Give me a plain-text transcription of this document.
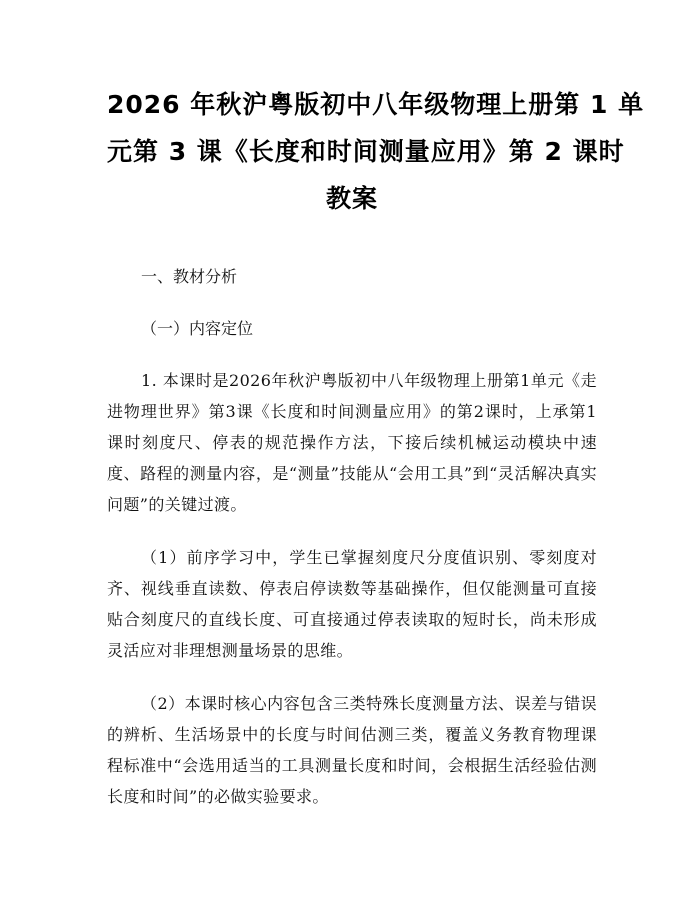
2026 年秋沪粤版初中八年级物理上册第 1 单
元第 3 课《长度和时间测量应用》第 2 课时
教案

一、教材分析

（一）内容定位

1. 本课时是2026年秋沪粤版初中八年级物理上册第1单元《走进物理世界》第3课《长度和时间测量应用》的第2课时，上承第1课时刻度尺、停表的规范操作方法，下接后续机械运动模块中速度、路程的测量内容，是“测量”技能从“会用工具”到“灵活解决真实问题”的关键过渡。

（1）前序学习中，学生已掌握刻度尺分度值识别、零刻度对齐、视线垂直读数、停表启停读数等基础操作，但仅能测量可直接贴合刻度尺的直线长度、可直接通过停表读取的短时长，尚未形成灵活应对非理想测量场景的思维。

（2）本课时核心内容包含三类特殊长度测量方法、误差与错误的辨析、生活场景中的长度与时间估测三类，覆盖义务教育物理课程标准中“会选用适当的工具测量长度和时间，会根据生活经验估测长度和时间”的必做实验要求。
